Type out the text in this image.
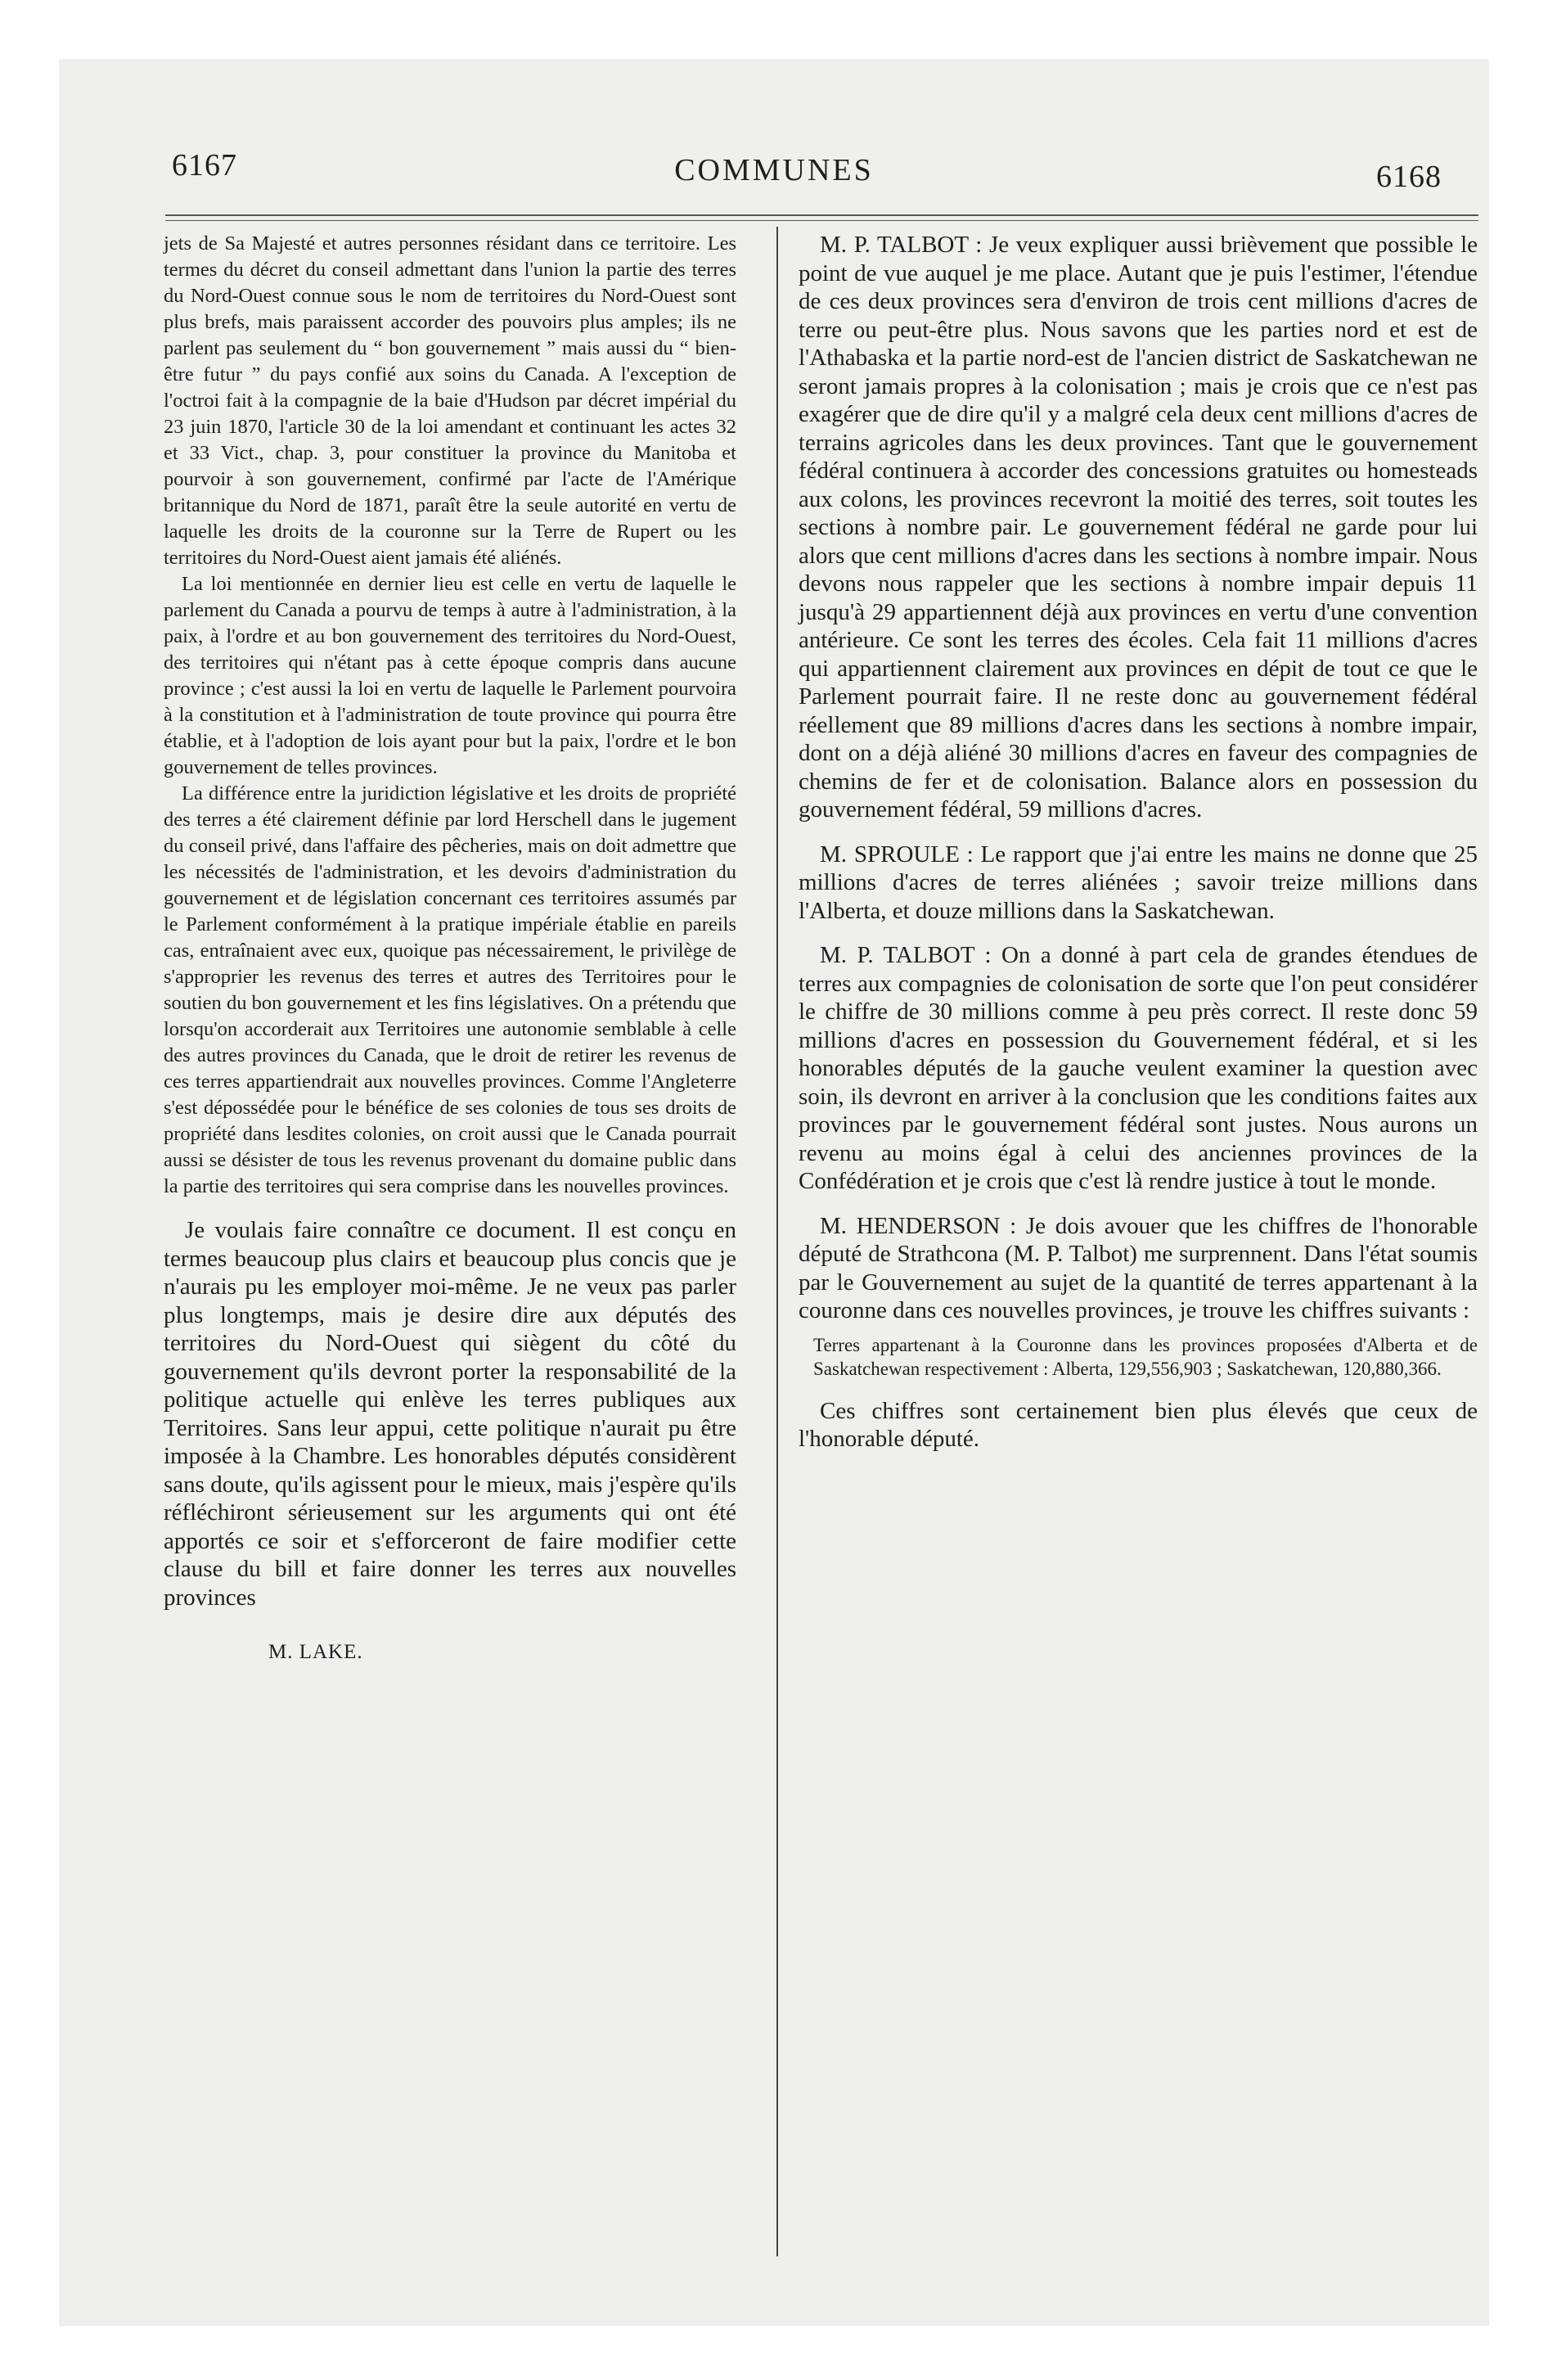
6167	COMMUNES	6168

jets de Sa Majesté et autres personnes résidant dans ce territoire. Les termes du décret du conseil admettant dans l'union la partie des terres du Nord-Ouest connue sous le nom de territoires du Nord-Ouest sont plus brefs, mais paraissent accorder des pouvoirs plus amples; ils ne parlent pas seulement du “ bon gouvernement ” mais aussi du “ bien-être futur ” du pays confié aux soins du Canada. A l'exception de l'octroi fait à la compagnie de la baie d'Hudson par décret impérial du 23 juin 1870, l'article 30 de la loi amendant et continuant les actes 32 et 33 Vict., chap. 3, pour constituer la province du Manitoba et pourvoir à son gouvernement, confirmé par l'acte de l'Amérique britannique du Nord de 1871, paraît être la seule autorité en vertu de laquelle les droits de la couronne sur la Terre de Rupert ou les territoires du Nord-Ouest aient jamais été aliénés.

La loi mentionnée en dernier lieu est celle en vertu de laquelle le parlement du Canada a pourvu de temps à autre à l'administration, à la paix, à l'ordre et au bon gouvernement des territoires du Nord-Ouest, des territoires qui n'étant pas à cette époque compris dans aucune province ; c'est aussi la loi en vertu de laquelle le Parlement pourvoira à la constitution et à l'administration de toute province qui pourra être établie, et à l'adoption de lois ayant pour but la paix, l'ordre et le bon gouvernement de telles provinces.

La différence entre la juridiction législative et les droits de propriété des terres a été clairement définie par lord Herschell dans le jugement du conseil privé, dans l'affaire des pêcheries, mais on doit admettre que les nécessités de l'administration, et les devoirs d'administration du gouvernement et de législation concernant ces territoires assumés par le Parlement conformément à la pratique impériale établie en pareils cas, entraînaient avec eux, quoique pas nécessairement, le privilège de s'approprier les revenus des terres et autres des Territoires pour le soutien du bon gouvernement et les fins législatives. On a prétendu que lorsqu'on accorderait aux Territoires une autonomie semblable à celle des autres provinces du Canada, que le droit de retirer les revenus de ces terres appartiendrait aux nouvelles provinces. Comme l'Angleterre s'est dépossédée pour le bénéfice de ses colonies de tous ses droits de propriété dans lesdites colonies, on croit aussi que le Canada pourrait aussi se désister de tous les revenus provenant du domaine public dans la partie des territoires qui sera comprise dans les nouvelles provinces.

Je voulais faire connaître ce document. Il est conçu en termes beaucoup plus clairs et beaucoup plus concis que je n'aurais pu les employer moi-même. Je ne veux pas parler plus longtemps, mais je desire dire aux députés des territoires du Nord-Ouest qui siègent du côté du gouvernement qu'ils devront porter la responsabilité de la politique actuelle qui enlève les terres publiques aux Territoires. Sans leur appui, cette politique n'aurait pu être imposée à la Chambre. Les honorables députés considèrent sans doute, qu'ils agissent pour le mieux, mais j'espère qu'ils réfléchiront sérieusement sur les arguments qui ont été apportés ce soir et s'efforceront de faire modifier cette clause du bill et faire donner les terres aux nouvelles provinces

M. LAKE.

M. P. TALBOT : Je veux expliquer aussi brièvement que possible le point de vue auquel je me place. Autant que je puis l'estimer, l'étendue de ces deux provinces sera d'environ de trois cent millions d'acres de terre ou peut-être plus. Nous savons que les parties nord et est de l'Athabaska et la partie nord-est de l'ancien district de Saskatchewan ne seront jamais propres à la colonisation ; mais je crois que ce n'est pas exagérer que de dire qu'il y a malgré cela deux cent millions d'acres de terrains agricoles dans les deux provinces. Tant que le gouvernement fédéral continuera à accorder des concessions gratuites ou homesteads aux colons, les provinces recevront la moitié des terres, soit toutes les sections à nombre pair. Le gouvernement fédéral ne garde pour lui alors que cent millions d'acres dans les sections à nombre impair. Nous devons nous rappeler que les sections à nombre impair depuis 11 jusqu'à 29 appartiennent déjà aux provinces en vertu d'une convention antérieure. Ce sont les terres des écoles. Cela fait 11 millions d'acres qui appartiennent clairement aux provinces en dépit de tout ce que le Parlement pourrait faire. Il ne reste donc au gouvernement fédéral réellement que 89 millions d'acres dans les sections à nombre impair, dont on a déjà aliéné 30 millions d'acres en faveur des compagnies de chemins de fer et de colonisation. Balance alors en possession du gouvernement fédéral, 59 millions d'acres.

M. SPROULE : Le rapport que j'ai entre les mains ne donne que 25 millions d'acres de terres aliénées ; savoir treize millions dans l'Alberta, et douze millions dans la Saskatchewan.

M. P. TALBOT : On a donné à part cela de grandes étendues de terres aux compagnies de colonisation de sorte que l'on peut considérer le chiffre de 30 millions comme à peu près correct. Il reste donc 59 millions d'acres en possession du Gouvernement fédéral, et si les honorables députés de la gauche veulent examiner la question avec soin, ils devront en arriver à la conclusion que les conditions faites aux provinces par le gouvernement fédéral sont justes. Nous aurons un revenu au moins égal à celui des anciennes provinces de la Confédération et je crois que c'est là rendre justice à tout le monde.

M. HENDERSON : Je dois avouer que les chiffres de l'honorable député de Strathcona (M. P. Talbot) me surprennent. Dans l'état soumis par le Gouvernement au sujet de la quantité de terres appartenant à la couronne dans ces nouvelles provinces, je trouve les chiffres suivants :

Terres appartenant à la Couronne dans les provinces proposées d'Alberta et de Saskatchewan respectivement : Alberta, 129,556,903 ; Saskatchewan, 120,880,366.

Ces chiffres sont certainement bien plus élevés que ceux de l'honorable député.
